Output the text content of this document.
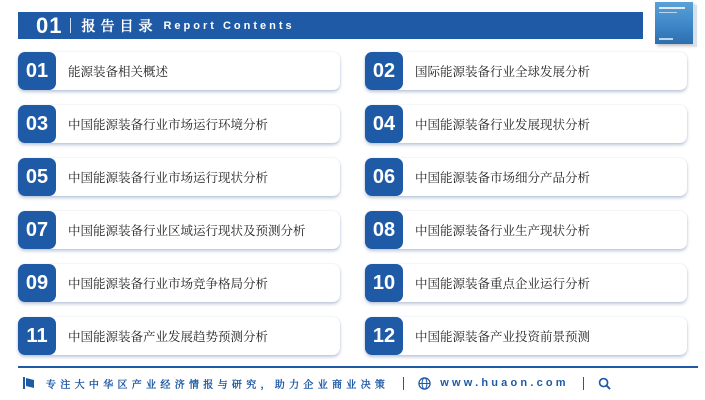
01 报告目录 Report Contents
01	能源装备相关概述
03	中国能源装备行业市场运行环境分析
05	中国能源装备行业市场运行现状分析
07	中国能源装备行业区域运行现状及预测分析
09	中国能源装备行业市场竞争格局分析
11	中国能源装备产业发展趋势预测分析
02	国际能源装备行业全球发展分析
04	中国能源装备行业发展现状分析
06	中国能源装备市场细分产品分析
08	中国能源装备行业生产现状分析
10	中国能源装备重点企业运行分析
12	中国能源装备产业投资前景预测
专注大中华区产业经济情报与研究，助力企业商业决策	www.huaon.com
